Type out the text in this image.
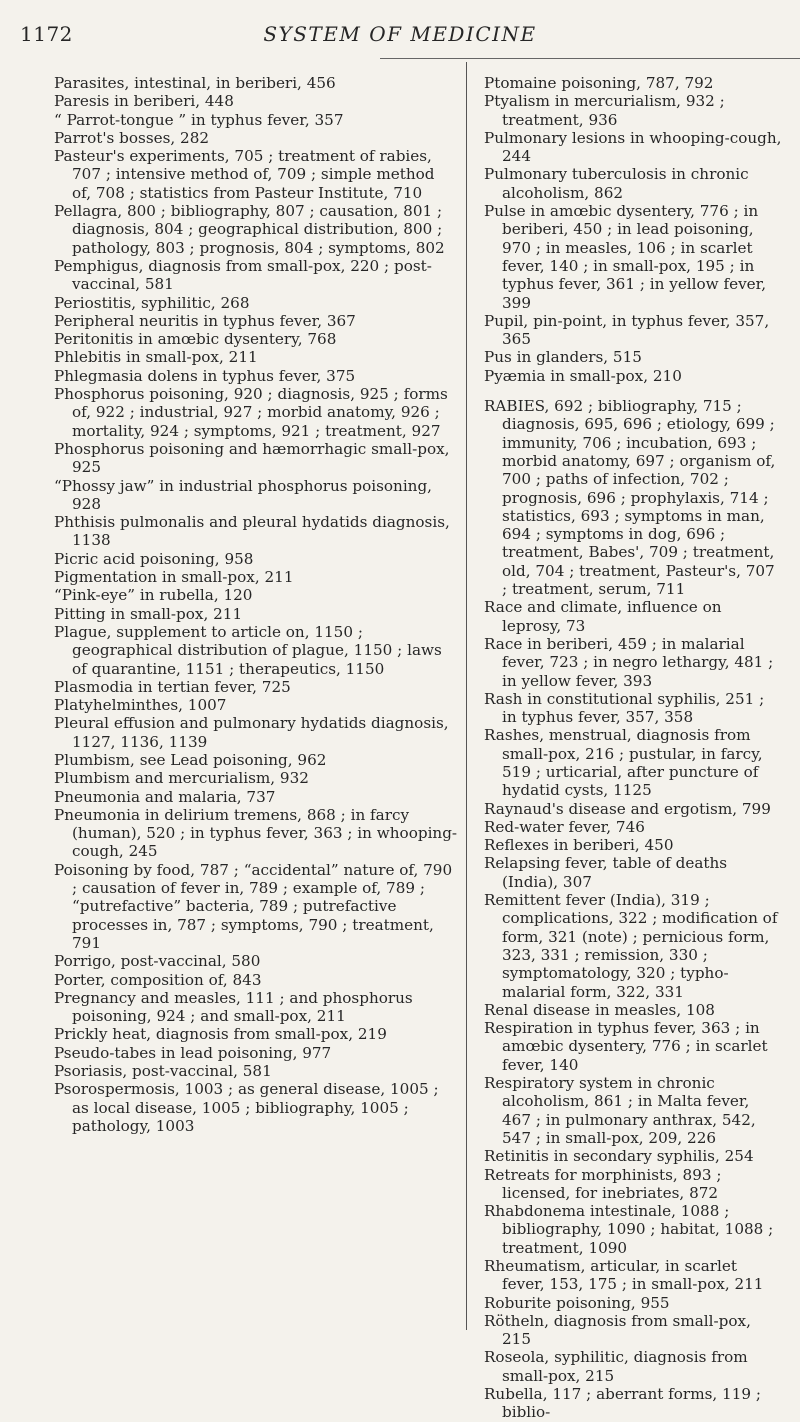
1172	SYSTEM OF MEDICINE

Parasites, intestinal, in beriberi, 456

Paresis in beriberi, 448

“ Parrot-tongue ” in typhus fever, 357

Parrot's bosses, 282

Pasteur's experiments, 705 ; treatment of rabies, 707 ; intensive method of, 709 ; simple method of, 708 ; statistics from Pasteur Institute, 710

Pellagra, 800 ; bibliography, 807 ; causation, 801 ; diagnosis, 804 ; geographical distribution, 800 ; pathology, 803 ; prognosis, 804 ; symptoms, 802

Pemphigus, diagnosis from small-pox, 220 ; post-vaccinal, 581

Periostitis, syphilitic, 268

Peripheral neuritis in typhus fever, 367

Peritonitis in amœbic dysentery, 768

Phlebitis in small-pox, 211

Phlegmasia dolens in typhus fever, 375

Phosphorus poisoning, 920 ; diagnosis, 925 ; forms of, 922 ; industrial, 927 ; morbid anatomy, 926 ; mortality, 924 ; symptoms, 921 ; treatment, 927

Phosphorus poisoning and hæmorrhagic small-pox, 925

“Phossy jaw” in industrial phosphorus poisoning, 928

Phthisis pulmonalis and pleural hydatids diagnosis, 1138

Picric acid poisoning, 958

Pigmentation in small-pox, 211

“Pink-eye” in rubella, 120

Pitting in small-pox, 211

Plague, supplement to article on, 1150 ; geographical distribution of plague, 1150 ; laws of quarantine, 1151 ; therapeutics, 1150

Plasmodia in tertian fever, 725

Platyhelminthes, 1007

Pleural effusion and pulmonary hydatids diagnosis, 1127, 1136, 1139

Plumbism, see Lead poisoning, 962

Plumbism and mercurialism, 932

Pneumonia and malaria, 737

Pneumonia in delirium tremens, 868 ; in farcy (human), 520 ; in typhus fever, 363 ; in whooping-cough, 245

Poisoning by food, 787 ; “accidental” nature of, 790 ; causation of fever in, 789 ; example of, 789 ; “putrefactive” bacteria, 789 ; putrefactive processes in, 787 ; symptoms, 790 ; treatment, 791

Porrigo, post-vaccinal, 580

Porter, composition of, 843

Pregnancy and measles, 111 ; and phosphorus poisoning, 924 ; and small-pox, 211

Prickly heat, diagnosis from small-pox, 219

Pseudo-tabes in lead poisoning, 977

Psoriasis, post-vaccinal, 581

Psorospermosis, 1003 ; as general disease, 1005 ; as local disease, 1005 ; bibliography, 1005 ; pathology, 1003

Ptomaine poisoning, 787, 792

Ptyalism in mercurialism, 932 ; treatment, 936

Pulmonary lesions in whooping-cough, 244

Pulmonary tuberculosis in chronic alcoholism, 862

Pulse in amœbic dysentery, 776 ; in beriberi, 450 ; in lead poisoning, 970 ; in measles, 106 ; in scarlet fever, 140 ; in small-pox, 195 ; in typhus fever, 361 ; in yellow fever, 399

Pupil, pin-point, in typhus fever, 357, 365

Pus in glanders, 515

Pyæmia in small-pox, 210

RABIES, 692 ; bibliography, 715 ; diagnosis, 695, 696 ; etiology, 699 ; immunity, 706 ; incubation, 693 ; morbid anatomy, 697 ; organism of, 700 ; paths of infection, 702 ; prognosis, 696 ; prophylaxis, 714 ; statistics, 693 ; symptoms in man, 694 ; symptoms in dog, 696 ; treatment, Babes', 709 ; treatment, old, 704 ; treatment, Pasteur's, 707 ; treatment, serum, 711

Race and climate, influence on leprosy, 73

Race in beriberi, 459 ; in malarial fever, 723 ; in negro lethargy, 481 ; in yellow fever, 393

Rash in constitutional syphilis, 251 ; in typhus fever, 357, 358

Rashes, menstrual, diagnosis from small-pox, 216 ; pustular, in farcy, 519 ; urticarial, after puncture of hydatid cysts, 1125

Raynaud's disease and ergotism, 799

Red-water fever, 746

Reflexes in beriberi, 450

Relapsing fever, table of deaths (India), 307

Remittent fever (India), 319 ; complications, 322 ; modification of form, 321 (note) ; pernicious form, 323, 331 ; remission, 330 ; symptomatology, 320 ; typho-malarial form, 322, 331

Renal disease in measles, 108

Respiration in typhus fever, 363 ; in amœbic dysentery, 776 ; in scarlet fever, 140

Respiratory system in chronic alcoholism, 861 ; in Malta fever, 467 ; in pulmonary anthrax, 542, 547 ; in small-pox, 209, 226

Retinitis in secondary syphilis, 254

Retreats for morphinists, 893 ; licensed, for inebriates, 872

Rhabdonema intestinale, 1088 ; bibliography, 1090 ; habitat, 1088 ; treatment, 1090

Rheumatism, articular, in scarlet fever, 153, 175 ; in small-pox, 211

Roburite poisoning, 955

Rötheln, diagnosis from small-pox, 215

Roseola, syphilitic, diagnosis from small-pox, 215

Rubella, 117 ; aberrant forms, 119 ; biblio-
